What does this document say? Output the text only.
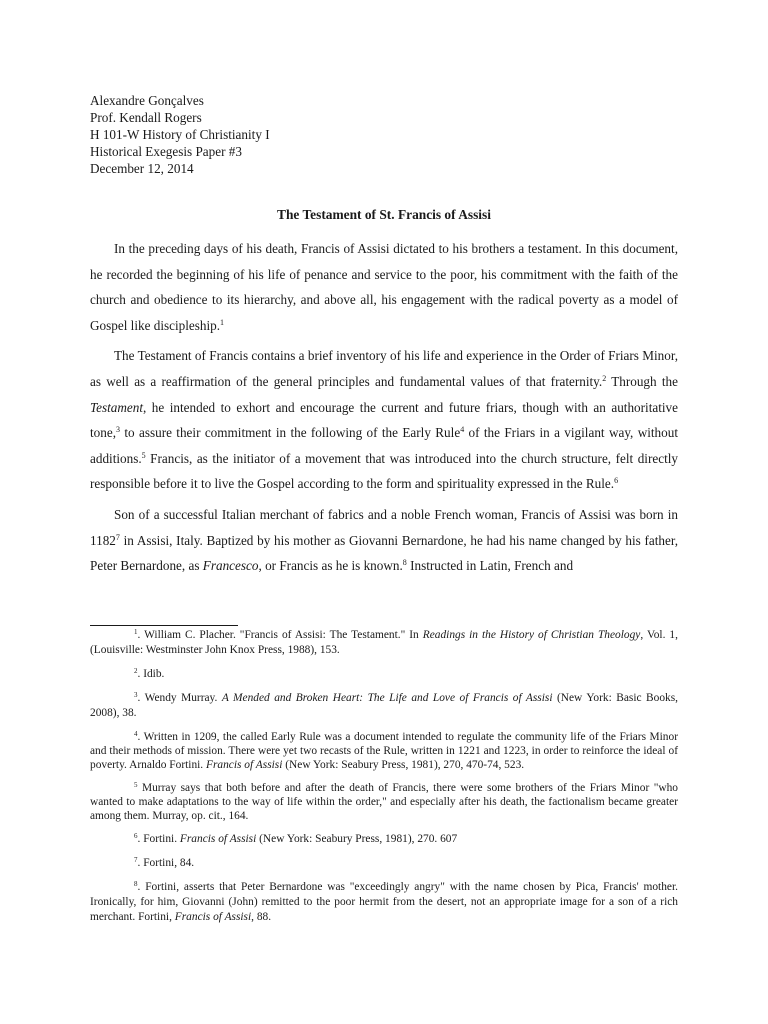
Alexandre Gonçalves
Prof. Kendall Rogers
H 101-W History of Christianity I
Historical Exegesis Paper #3
December 12, 2014
The Testament of St. Francis of Assisi

In the preceding days of his death, Francis of Assisi dictated to his brothers a testament. In this document, he recorded the beginning of his life of penance and service to the poor, his commitment with the faith of the church and obedience to its hierarchy, and above all, his engagement with the radical poverty as a model of Gospel like discipleship.$^1$

The Testament of Francis contains a brief inventory of his life and experience in the Order of Friars Minor, as well as a reaffirmation of the general principles and fundamental values of that fraternity.$^2$ Through the Testament, he intended to exhort and encourage the current and future friars, though with an authoritative tone,$^3$ to assure their commitment in the following of the Early Rule$^4$ of the Friars in a vigilant way, without additions.$^5$ Francis, as the initiator of a movement that was introduced into the church structure, felt directly responsible before it to live the Gospel according to the form and spirituality expressed in the Rule.$^6$

Son of a successful Italian merchant of fabrics and a noble French woman, Francis of Assisi was born in 1182$^7$ in Assisi, Italy. Baptized by his mother as Giovanni Bernardone, he had his name changed by his father, Peter Bernardone, as Francesco, or Francis as he is known.$^8$ Instructed in Latin, French and

$^1$. William C. Placher. "Francis of Assisi: The Testament." In Readings in the History of Christian Theology, Vol. 1, (Louisville: Westminster John Knox Press, 1988), 153.
$^2$. Idib.
$^3$. Wendy Murray. A Mended and Broken Heart: The Life and Love of Francis of Assisi (New York: Basic Books, 2008), 38.
$^4$. Written in 1209, the called Early Rule was a document intended to regulate the community life of the Friars Minor and their methods of mission. There were yet two recasts of the Rule, written in 1221 and 1223, in order to reinforce the ideal of poverty. Arnaldo Fortini. Francis of Assisi (New York: Seabury Press, 1981), 270, 470-74, 523.
$^5$ Murray says that both before and after the death of Francis, there were some brothers of the Friars Minor "who wanted to make adaptations to the way of life within the order," and especially after his death, the factionalism became greater among them. Murray, op. cit., 164.
$^6$. Fortini. Francis of Assisi (New York: Seabury Press, 1981), 270. 607
$^7$. Fortini, 84.
$^8$. Fortini, asserts that Peter Bernardone was "exceedingly angry" with the name chosen by Pica, Francis' mother. Ironically, for him, Giovanni (John) remitted to the poor hermit from the desert, not an appropriate image for a son of a rich merchant. Fortini, Francis of Assisi, 88.
